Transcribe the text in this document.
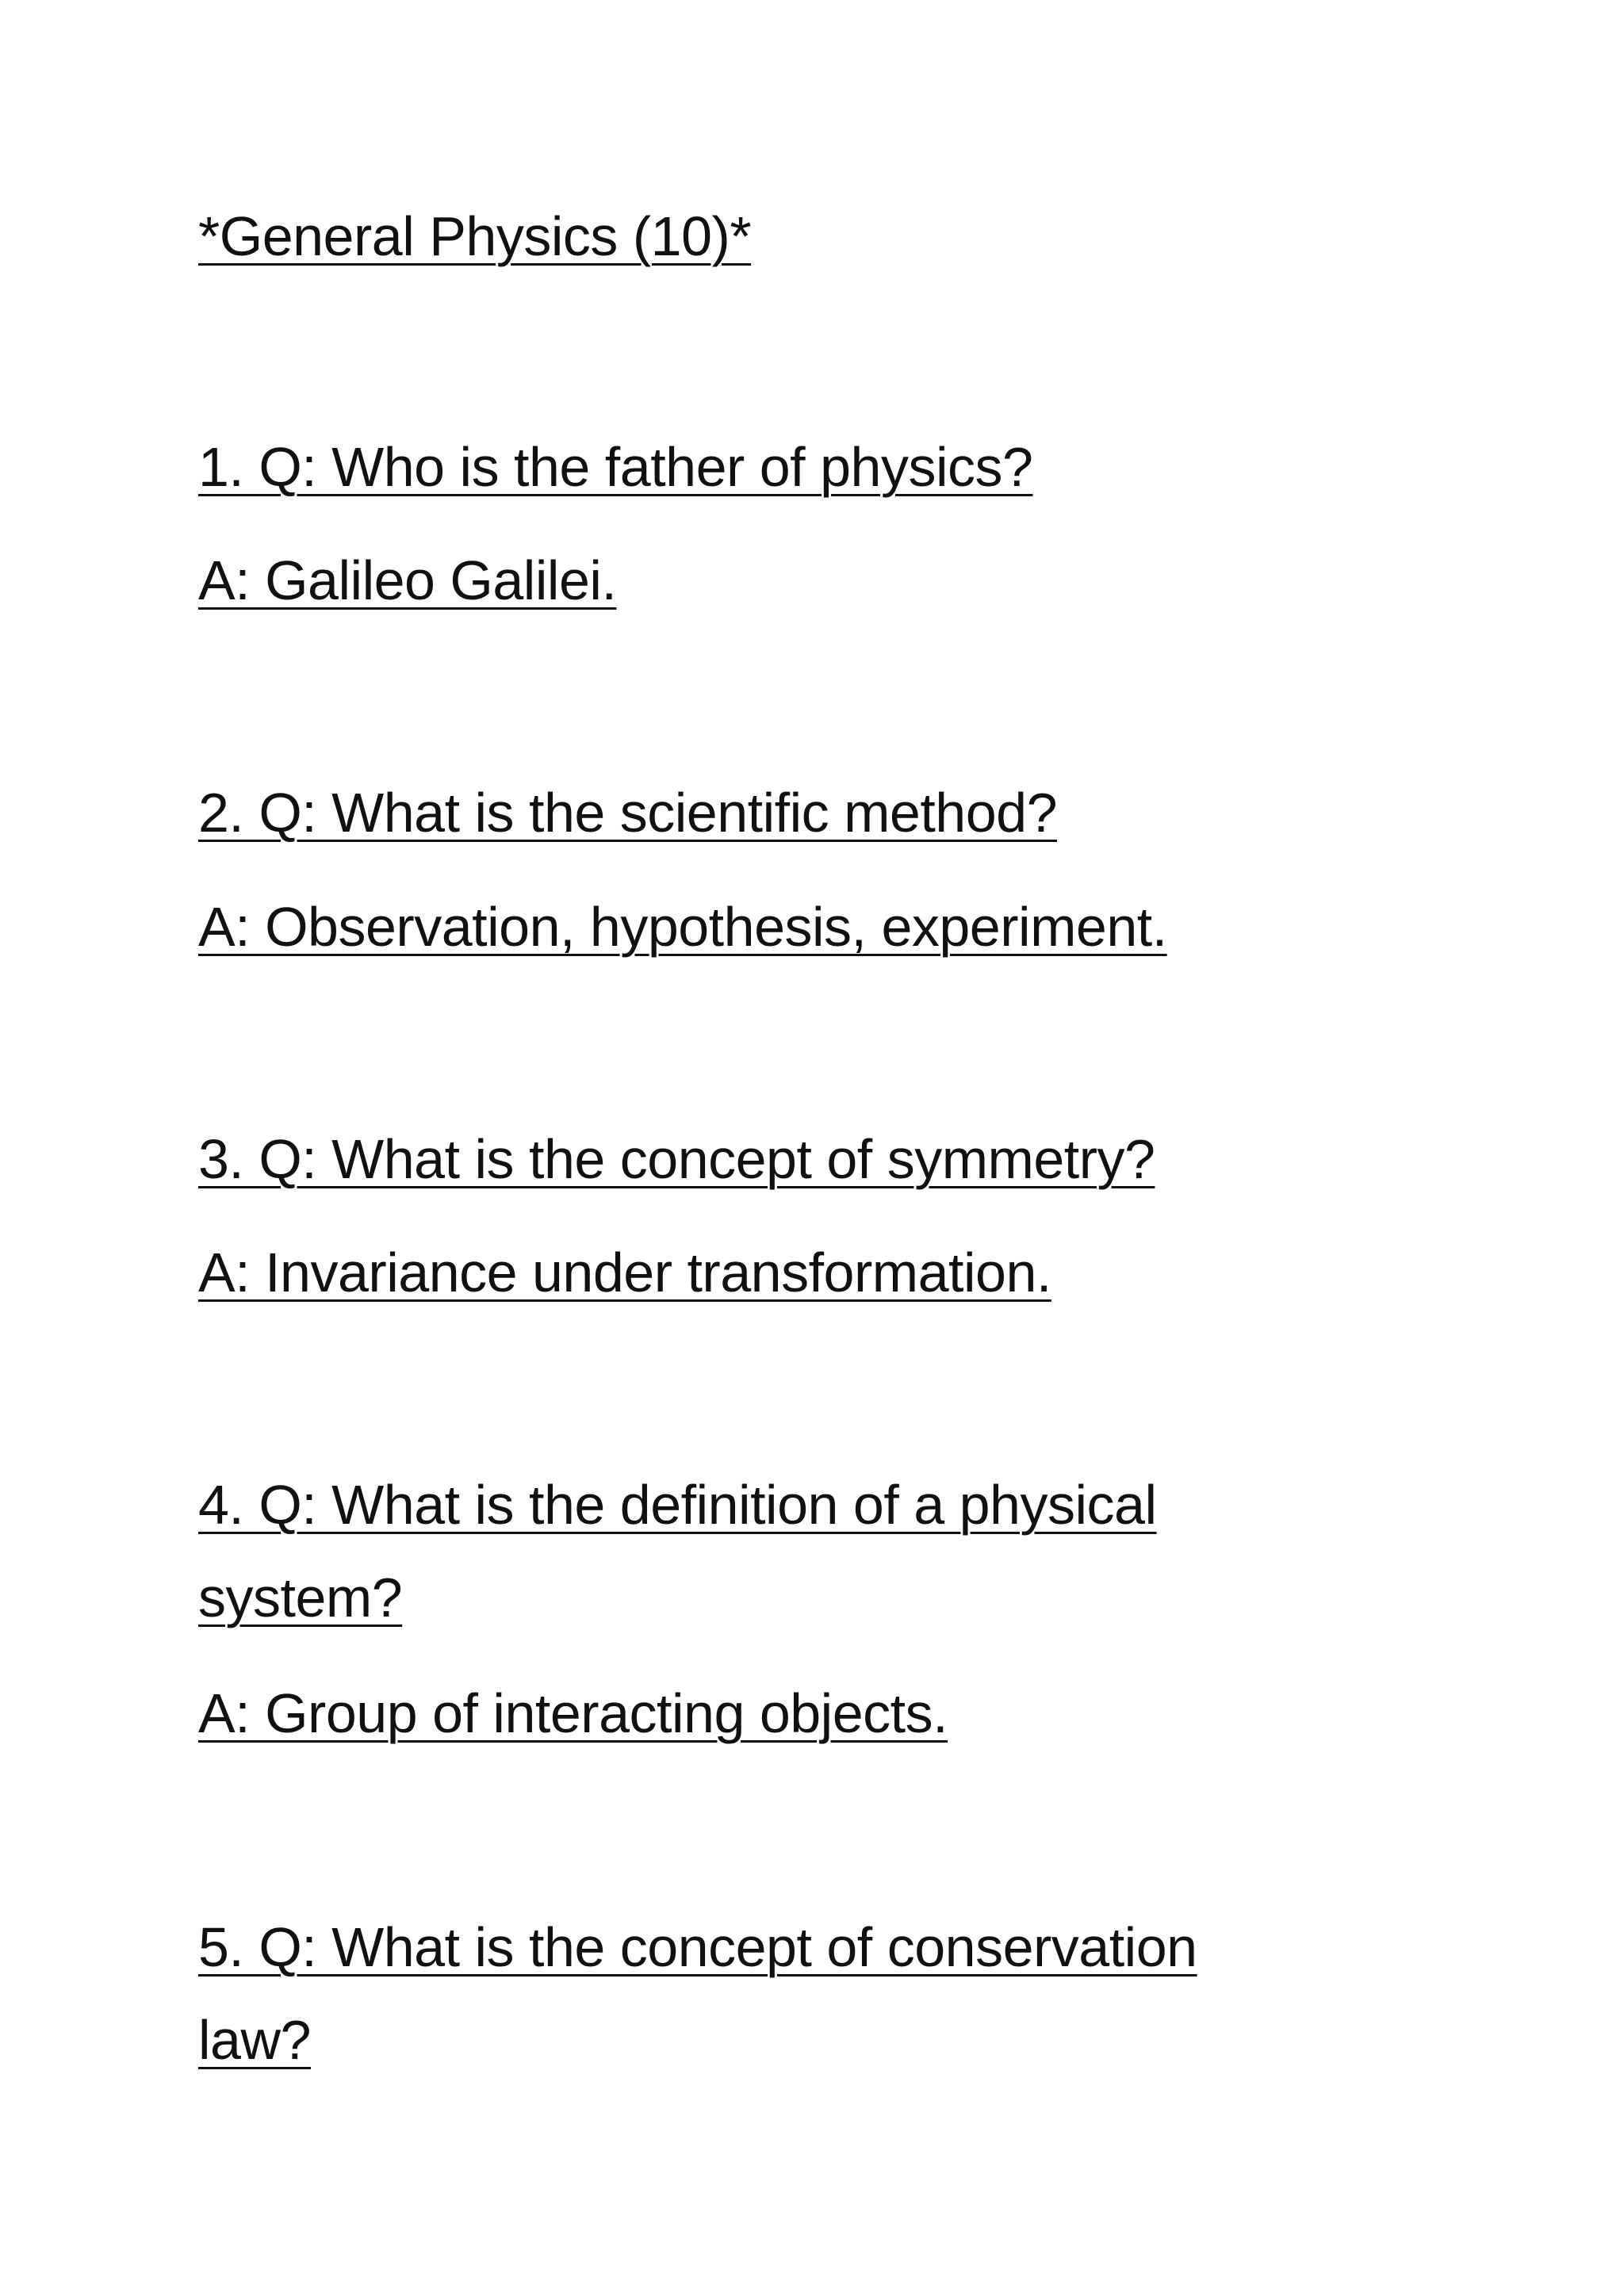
*General Physics (10)*

1. Q: Who is the father of physics?

A: Galileo Galilei.

2. Q: What is the scientific method?

A: Observation, hypothesis, experiment.

3. Q: What is the concept of symmetry?

A: Invariance under transformation.

4. Q: What is the definition of a physical

system?

A: Group of interacting objects.

5. Q: What is the concept of conservation

law?
